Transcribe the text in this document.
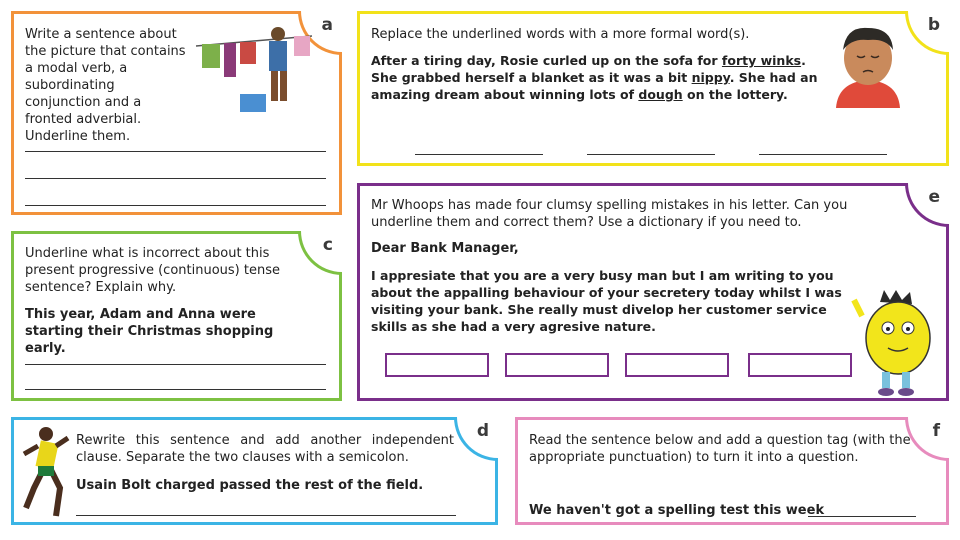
a
Write a sentence about the picture that contains a modal verb, a subordinating conjunction and a fronted adverbial. Underline them.
b
Replace the underlined words with a more formal word(s).
After a tiring day, Rosie curled up on the sofa for forty winks. She grabbed herself a blanket as it was a bit nippy. She had an amazing dream about winning lots of dough on the lottery.
c
Underline what is incorrect about this present progressive (continuous) tense sentence? Explain why.
This year, Adam and Anna were starting their Christmas shopping early.
e
Mr Whoops has made four clumsy spelling mistakes in his letter. Can you underline them and correct them? Use a dictionary if you need to.
Dear Bank Manager,
I appresiate that you are a very busy man but I am writing to you about the appalling behaviour of your secretery today whilst I was visiting your bank. She really must divelop her customer service skills as she had a very agresive nature.
d
Rewrite this sentence and add another independent clause. Separate the two clauses with a semicolon.
Usain Bolt charged passed the rest of the field.
f
Read the sentence below and add a question tag (with the appropriate punctuation) to turn it into a question.
We haven't got a spelling test this week
